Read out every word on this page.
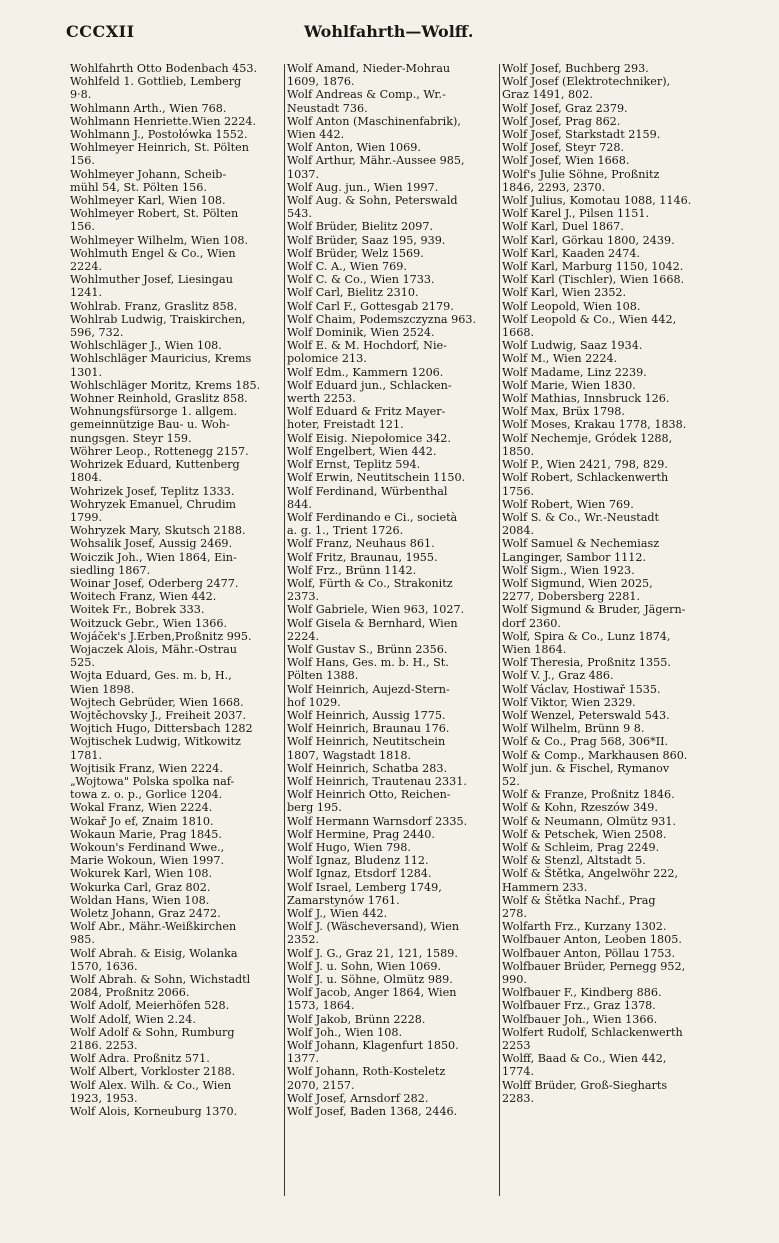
CCCXII	Wohlfahrth—Wolff.
Wohlfahrth Otto Bodenbach 453.
Wohlfeld 1. Gottlieb, Lemberg
9‧8.
Wohlmann Arth., Wien 768.
Wohlmann Henriette.Wien 2224.
Wohlmann J., Postołówka 1552.
Wohlmeyer Heinrich, St. Pölten
156.
Wohlmeyer Johann, Scheib-
mühl 54, St. Pölten 156.
Wohlmeyer Karl, Wien 108.
Wohlmeyer Robert, St. Pölten
156.
Wohlmeyer Wilhelm, Wien 108.
Wohlmuth Engel & Co., Wien
2224.
Wohlmuther Josef, Liesingau
1241.
Wohlrab. Franz, Graslitz 858.
Wohlrab Ludwig, Traiskirchen,
596, 732.
Wohlschläger J., Wien 108.
Wohlschläger Mauricius, Krems
1301.
Wohlschläger Moritz, Krems 185.
Wohner Reinhold, Graslitz 858.
Wohnungsfürsorge 1. allgem.
gemeinnützige Bau- u. Woh-
nungsgen. Steyr 159.
Wöhrer Leop., Rottenegg 2157.
Wohrizek Eduard, Kuttenberg
1804.
Wohrizek Josef, Teplitz 1333.
Wohryzek Emanuel, Chrudim
1799.
Wohryzek Mary, Skutsch 2188.
Wohsalik Josef, Aussig 2469.
Woiczik Joh., Wien 1864, Ein-
siedling 1867.
Woinar Josef, Oderberg 2477.
Woitech Franz, Wien 442.
Woitek Fr., Bobrek 333.
Woitzuck Gebr., Wien 1366.
Wojáček's J.Erben,Proßnitz 995.
Wojaczek Alois, Mähr.-Ostrau
525.
Wojta Eduard, Ges. m. b, H.,
Wien 1898.
Wojtech Gebrüder, Wien 1668.
Wojtěchovsky J., Freiheit 2037.
Wojtich Hugo, Dittersbach 1282
Wojtischek Ludwig, Witkowitz
1781.
Wojtisik Franz, Wien 2224.
„Wojtowa" Polska spolka naf-
towa z. o. p., Gorlice 1204.
Wokal Franz, Wien 2224.
Wokař Jo ef, Znaim 1810.
Wokaun Marie, Prag 1845.
Wokoun's Ferdinand Wwe.,
Marie Wokoun, Wien 1997.
Wokurek Karl, Wien 108.
Wokurka Carl, Graz 802.
Woldan Hans, Wien 108.
Woletz Johann, Graz 2472.
Wolf Abr., Mähr.-Weißkirchen
985.
Wolf Abrah. & Eisig, Wolanka
1570, 1636.
Wolf Abrah. & Sohn, Wichstadtl
2084, Proßnitz 2066.
Wolf Adolf, Meierhöfen 528.
Wolf Adolf, Wien 2.24.
Wolf Adolf & Sohn, Rumburg
2186. 2253.
Wolf Adra. Proßnitz 571.
Wolf Albert, Vorkloster 2188.
Wolf Alex. Wilh. & Co., Wien
1923, 1953.
Wolf Alois, Korneuburg 1370.
Wolf Amand, Nieder-Mohrau
1609, 1876.
Wolf Andreas & Comp., Wr.-
Neustadt 736.
Wolf Anton (Maschinenfabrik),
Wien 442.
Wolf Anton, Wien 1069.
Wolf Arthur, Mähr.-Aussee 985,
1037.
Wolf Aug. jun., Wien 1997.
Wolf Aug. & Sohn, Peterswald
543.
Wolf Brüder, Bielitz 2097.
Wolf Brüder, Saaz 195, 939.
Wolf Brüder, Welz 1569.
Wolf C. A., Wien 769.
Wolf C. & Co., Wien 1733.
Wolf Carl, Bielitz 2310.
Wolf Carl F., Gottesgab 2179.
Wolf Chaim, Podemszczyzna 963.
Wolf Dominik, Wien 2524.
Wolf E. & M. Hochdorf, Nie-
polomice 213.
Wolf Edm., Kammern 1206.
Wolf Eduard jun., Schlacken-
werth 2253.
Wolf Eduard & Fritz Mayer-
hoter, Freistadt 121.
Wolf Eisig. Niepołomice 342.
Wolf Engelbert, Wien 442.
Wolf Ernst, Teplitz 594.
Wolf Erwin, Neutitschein 1150.
Wolf Ferdinand, Würbenthal
844.
Wolf Ferdinando e Ci., società
a. g. 1., Trient 1726.
Wolf Franz, Neuhaus 861.
Wolf Fritz, Braunau, 1955.
Wolf Frz., Brünn 1142.
Wolf, Fürth & Co., Strakonitz
2373.
Wolf Gabriele, Wien 963, 1027.
Wolf Gisela & Bernhard, Wien
2224.
Wolf Gustav S., Brünn 2356.
Wolf Hans, Ges. m. b. H., St.
Pölten 1388.
Wolf Heinrich, Aujezd-Stern-
hof 1029.
Wolf Heinrich, Aussig 1775.
Wolf Heinrich, Braunau 176.
Wolf Heinrich, Neutitschein
1807, Wagstadt 1818.
Wolf Heinrich, Schatba 283.
Wolf Heinrich, Trautenau 2331.
Wolf Heinrich Otto, Reichen-
berg 195.
Wolf Hermann Warnsdorf 2335.
Wolf Hermine, Prag 2440.
Wolf Hugo, Wien 798.
Wolf Ignaz, Bludenz 112.
Wolf Ignaz, Etsdorf 1284.
Wolf Israel, Lemberg 1749,
Zamarstynów 1761.
Wolf J., Wien 442.
Wolf J. (Wäscheversand), Wien
2352.
Wolf J. G., Graz 21, 121, 1589.
Wolf J. u. Sohn, Wien 1069.
Wolf J. u. Söhne, Olmütz 989.
Wolf Jacob, Anger 1864, Wien
1573, 1864.
Wolf Jakob, Brünn 2228.
Wolf Joh., Wien 108.
Wolf Johann, Klagenfurt 1850.
1377.
Wolf Johann, Roth-Kosteletz
2070, 2157.
Wolf Josef, Arnsdorf 282.
Wolf Josef, Baden 1368, 2446.
Wolf Josef, Buchberg 293.
Wolf Josef (Elektrotechniker),
Graz 1491, 802.
Wolf Josef, Graz 2379.
Wolf Josef, Prag 862.
Wolf Josef, Starkstadt 2159.
Wolf Josef, Steyr 728.
Wolf Josef, Wien 1668.
Wolf's Julie Söhne, Proßnitz
1846, 2293, 2370.
Wolf Julius, Komotau 1088, 1146.
Wolf Karel J., Pilsen 1151.
Wolf Karl, Duel 1867.
Wolf Karl, Görkau 1800, 2439.
Wolf Karl, Kaaden 2474.
Wolf Karl, Marburg 1150, 1042.
Wolf Karl (Tischler), Wien 1668.
Wolf Karl, Wien 2352.
Wolf Leopold, Wien 108.
Wolf Leopold & Co., Wien 442,
1668.
Wolf Ludwig, Saaz 1934.
Wolf M., Wien 2224.
Wolf Madame, Linz 2239.
Wolf Marie, Wien 1830.
Wolf Mathias, Innsbruck 126.
Wolf Max, Brüx 1798.
Wolf Moses, Krakau 1778, 1838.
Wolf Nechemje, Gródek 1288,
1850.
Wolf P., Wien 2421, 798, 829.
Wolf Robert, Schlackenwerth
1756.
Wolf Robert, Wien 769.
Wolf S. & Co., Wr.-Neustadt
2084.
Wolf Samuel & Nechemiasz
Langinger, Sambor 1112.
Wolf Sigm., Wien 1923.
Wolf Sigmund, Wien 2025,
2277, Dobersberg 2281.
Wolf Sigmund & Bruder, Jägern-
dorf 2360.
Wolf, Spira & Co., Lunz 1874,
Wien 1864.
Wolf Theresia, Proßnitz 1355.
Wolf V. J., Graz 486.
Wolf Václav, Hostiwař 1535.
Wolf Viktor, Wien 2329.
Wolf Wenzel, Peterswald 543.
Wolf Wilhelm, Brünn 9 8.
Wolf & Co., Prag 568, 306*II.
Wolf & Comp., Markhausen 860.
Wolf jun. & Fischel, Rymanov
52.
Wolf & Franze, Proßnitz 1846.
Wolf & Kohn, Rzeszów 349.
Wolf & Neumann, Olmütz 931.
Wolf & Petschek, Wien 2508.
Wolf & Schleim, Prag 2249.
Wolf & Stenzl, Altstadt 5.
Wolf & Štětka, Angelwöhr 222,
Hammern 233.
Wolf & Štětka Nachf., Prag
278.
Wolfarth Frz., Kurzany 1302.
Wolfbauer Anton, Leoben 1805.
Wolfbauer Anton, Pöllau 1753.
Wolfbauer Brüder, Pernegg 952,
990.
Wolfbauer F., Kindberg 886.
Wolfbauer Frz., Graz 1378.
Wolfbauer Joh., Wien 1366.
Wolfert Rudolf, Schlackenwerth
2253
Wolff, Baad & Co., Wien 442,
1774.
Wolff Brüder, Groß-Siegharts
2283.
